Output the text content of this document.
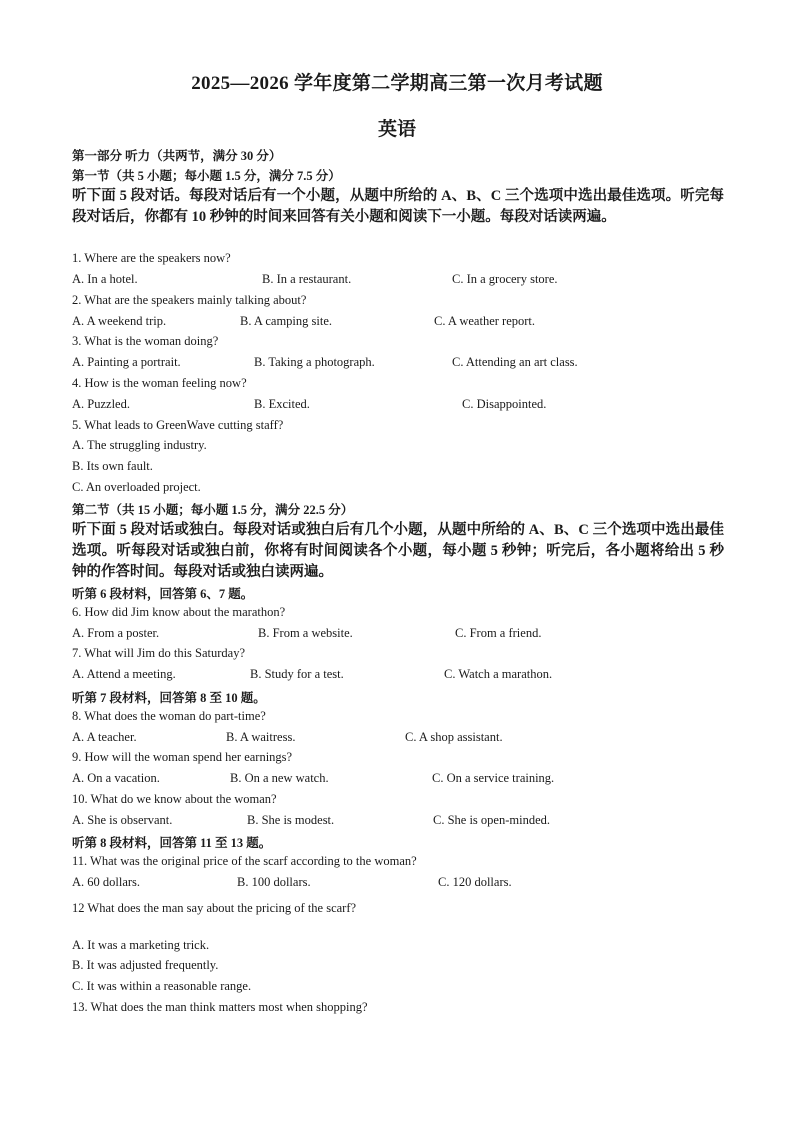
2025—2026 学年度第二学期高三第一次月考试题
英语
第一部分 听力（共两节，满分 30 分）
第一节（共 5 小题；每小题 1.5 分，满分 7.5 分）
听下面 5 段对话。每段对话后有一个小题，从题中所给的 A、B、C 三个选项中选出最佳选项。听完每段对话后，你都有 10 秒钟的时间来回答有关小题和阅读下一小题。每段对话读两遍。
1. Where are the speakers now?
A. In a hotel.	B. In a restaurant.	C. In a grocery store.
2. What are the speakers mainly talking about?
A. A weekend trip.	B. A camping site.	C. A weather report.
3. What is the woman doing?
A. Painting a portrait.	B. Taking a photograph.	C. Attending an art class.
4. How is the woman feeling now?
A. Puzzled.	B. Excited.	C. Disappointed.
5. What leads to GreenWave cutting staff?
A. The struggling industry.
B. Its own fault.
C. An overloaded project.
第二节（共 15 小题；每小题 1.5 分，满分 22.5 分）
听下面 5 段对话或独白。每段对话或独白后有几个小题，从题中所给的 A、B、C 三个选项中选出最佳选项。听每段对话或独白前，你将有时间阅读各个小题，每小题 5 秒钟；听完后，各小题将给出 5 秒钟的作答时间。每段对话或独白读两遍。
听第 6 段材料，回答第 6、7 题。
6. How did Jim know about the marathon?
A. From a poster.	B. From a website.	C. From a friend.
7. What will Jim do this Saturday?
A. Attend a meeting.	B. Study for a test.	C. Watch a marathon.
听第 7 段材料，回答第 8 至 10 题。
8. What does the woman do part-time?
A. A teacher.	B. A waitress.	C. A shop assistant.
9. How will the woman spend her earnings?
A. On a vacation.	B. On a new watch.	C. On a service training.
10. What do we know about the woman?
A. She is observant.	B. She is modest.	C. She is open-minded.
听第 8 段材料，回答第 11 至 13 题。
11. What was the original price of the scarf according to the woman?
A. 60 dollars.	B. 100 dollars.	C. 120 dollars.
12 What does the man say about the pricing of the scarf?
A. It was a marketing trick.
B. It was adjusted frequently.
C. It was within a reasonable range.
13. What does the man think matters most when shopping?
